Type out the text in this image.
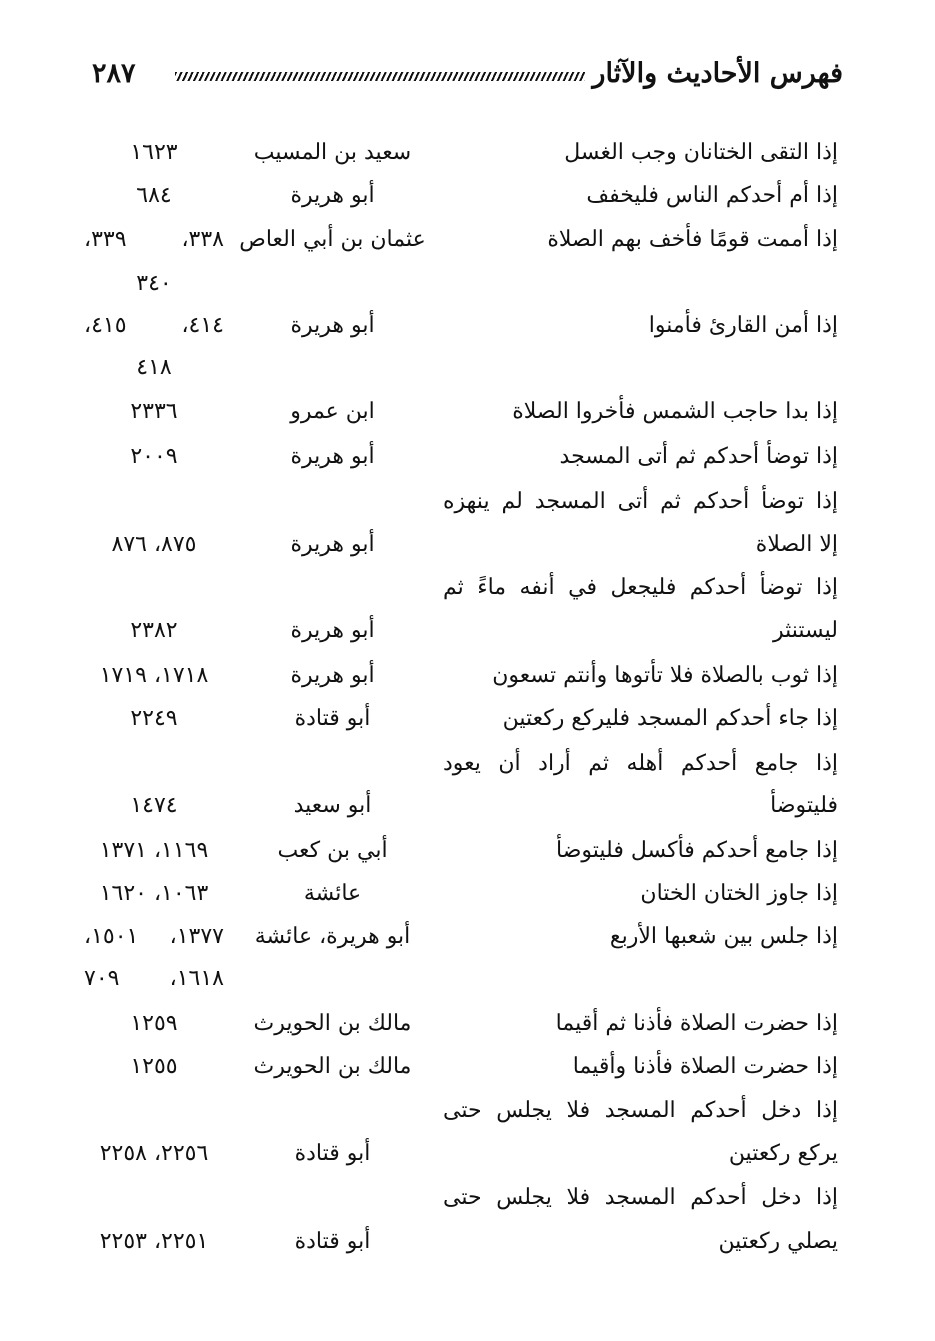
فهرس الأحاديث والآثار
٢٨٧
إذا التقى الختانان وجب الغسل
سعيد بن المسيب
١٦٢٣
إذا أم أحدكم الناس فليخفف
أبو هريرة
٦٨٤
إذا أممت قومًا فأخف بهم الصلاة
عثمان بن أبي العاص
٣٣٨، ٣٣٩،
٣٤٠
إذا أمن القارئ فأمنوا
أبو هريرة
٤١٤، ٤١٥،
٤١٨
إذا بدا حاجب الشمس فأخروا الصلاة
ابن عمرو
٢٣٣٦
إذا توضأ أحدكم ثم أتى المسجد
أبو هريرة
٢٠٠٩
إذا توضأ أحدكم ثم أتى المسجد لم ينهزه
إلا الصلاة
أبو هريرة
٨٧٥، ٨٧٦
إذا توضأ أحدكم فليجعل في أنفه ماءً ثم
ليستنثر
أبو هريرة
٢٣٨٢
إذا ثوب بالصلاة فلا تأتوها وأنتم تسعون
أبو هريرة
١٧١٨، ١٧١٩
إذا جاء أحدكم المسجد فليركع ركعتين
أبو قتادة
٢٢٤٩
إذا جامع أحدكم أهله ثم أراد أن يعود
فليتوضأ
أبو سعيد
١٤٧٤
إذا جامع أحدكم فأكسل فليتوضأ
أبي بن كعب
١١٦٩، ١٣٧١
إذا جاوز الختان الختان
عائشة
١٠٦٣، ١٦٢٠
إذا جلس بين شعبها الأربع
أبو هريرة، عائشة
١٣٧٧، ١٥٠١،
١٦١٨، ٧٠٩
إذا حضرت الصلاة فأذنا ثم أقيما
مالك بن الحويرث
١٢٥٩
إذا حضرت الصلاة فأذنا وأقيما
مالك بن الحويرث
١٢٥٥
إذا دخل أحدكم المسجد فلا يجلس حتى
يركع ركعتين
أبو قتادة
٢٢٥٦، ٢٢٥٨
إذا دخل أحدكم المسجد فلا يجلس حتى
يصلي ركعتين
أبو قتادة
٢٢٥١، ٢٢٥٣
